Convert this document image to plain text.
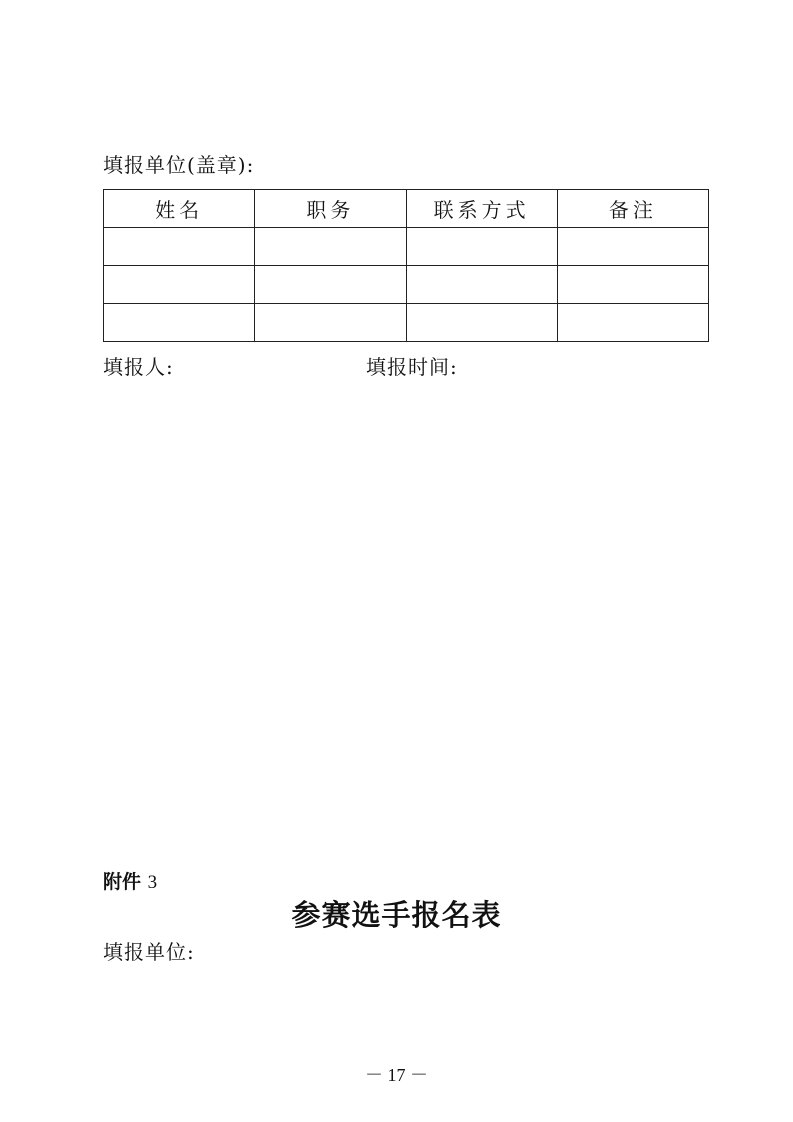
填报单位(盖章):
姓名	职务	联系方式	备注

填报人:	填报时间:
附件 3
参赛选手报名表
填报单位:
－ 17 －
